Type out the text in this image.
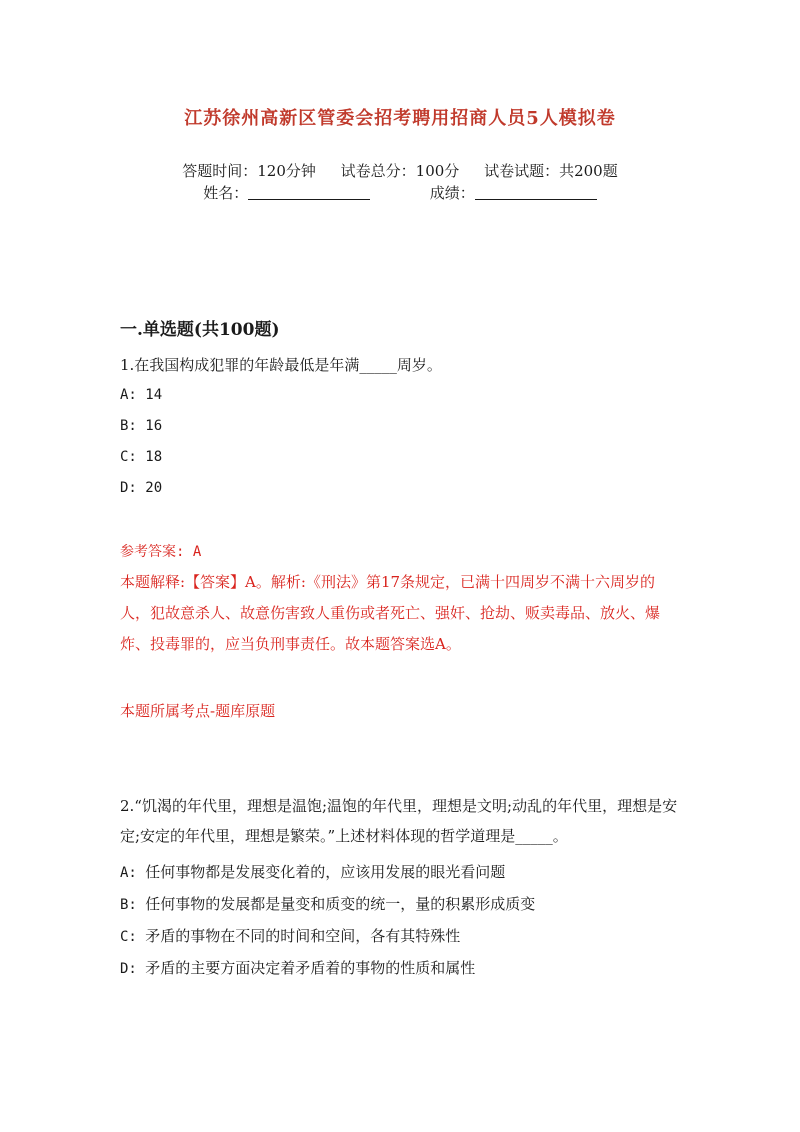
江苏徐州高新区管委会招考聘用招商人员5人模拟卷
答题时间：120分钟 试卷总分：100分 试卷试题：共200题
姓名：	成绩：
一.单选题(共100题)
1.在我国构成犯罪的年龄最低是年满_____周岁。
A: 14
B: 16
C: 18
D: 20
参考答案: A
本题解释:【答案】A。解析:《刑法》第17条规定，已满十四周岁不满十六周岁的人，犯故意杀人、故意伤害致人重伤或者死亡、强奸、抢劫、贩卖毒品、放火、爆炸、投毒罪的，应当负刑事责任。故本题答案选A。
本题所属考点-题库原题
2.“饥渴的年代里，理想是温饱;温饱的年代里，理想是文明;动乱的年代里，理想是安定;安定的年代里，理想是繁荣。”上述材料体现的哲学道理是_____。
A: 任何事物都是发展变化着的，应该用发展的眼光看问题
B: 任何事物的发展都是量变和质变的统一，量的积累形成质变
C: 矛盾的事物在不同的时间和空间，各有其特殊性
D: 矛盾的主要方面决定着矛盾着的事物的性质和属性
